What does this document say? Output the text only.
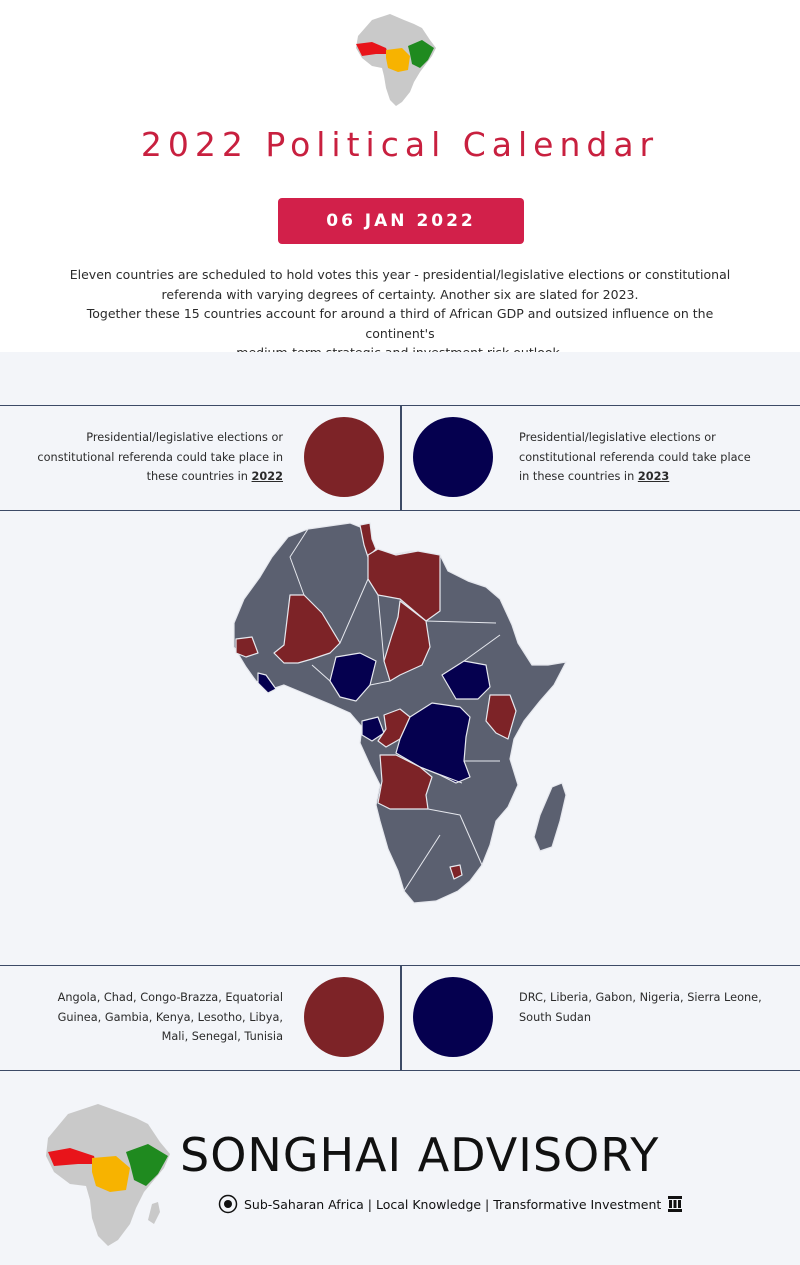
2022 Political Calendar
06 JAN 2022

Eleven countries are scheduled to hold votes this year - presidential/legislative elections or constitutional

referenda with varying degrees of certainty. Another six are slated for 2023.

Together these 15 countries account for around a third of African GDP and outsized influence on the continent's

Presidential/legislative elections or constitutional referenda could take place in these countries in 2022
Presidential/legislative elections or constitutional referenda could take place in these countries in 2023
Angola, Chad, Congo-Brazza, Equatorial Guinea, Gambia, Kenya, Lesotho, Libya, Mali, Senegal, Tunisia
DRC, Liberia, Gabon, Nigeria, Sierra Leone, South Sudan
SONGHAI ADVISORY
Sub-Saharan Africa | Local Knowledge | Transformative Investment
